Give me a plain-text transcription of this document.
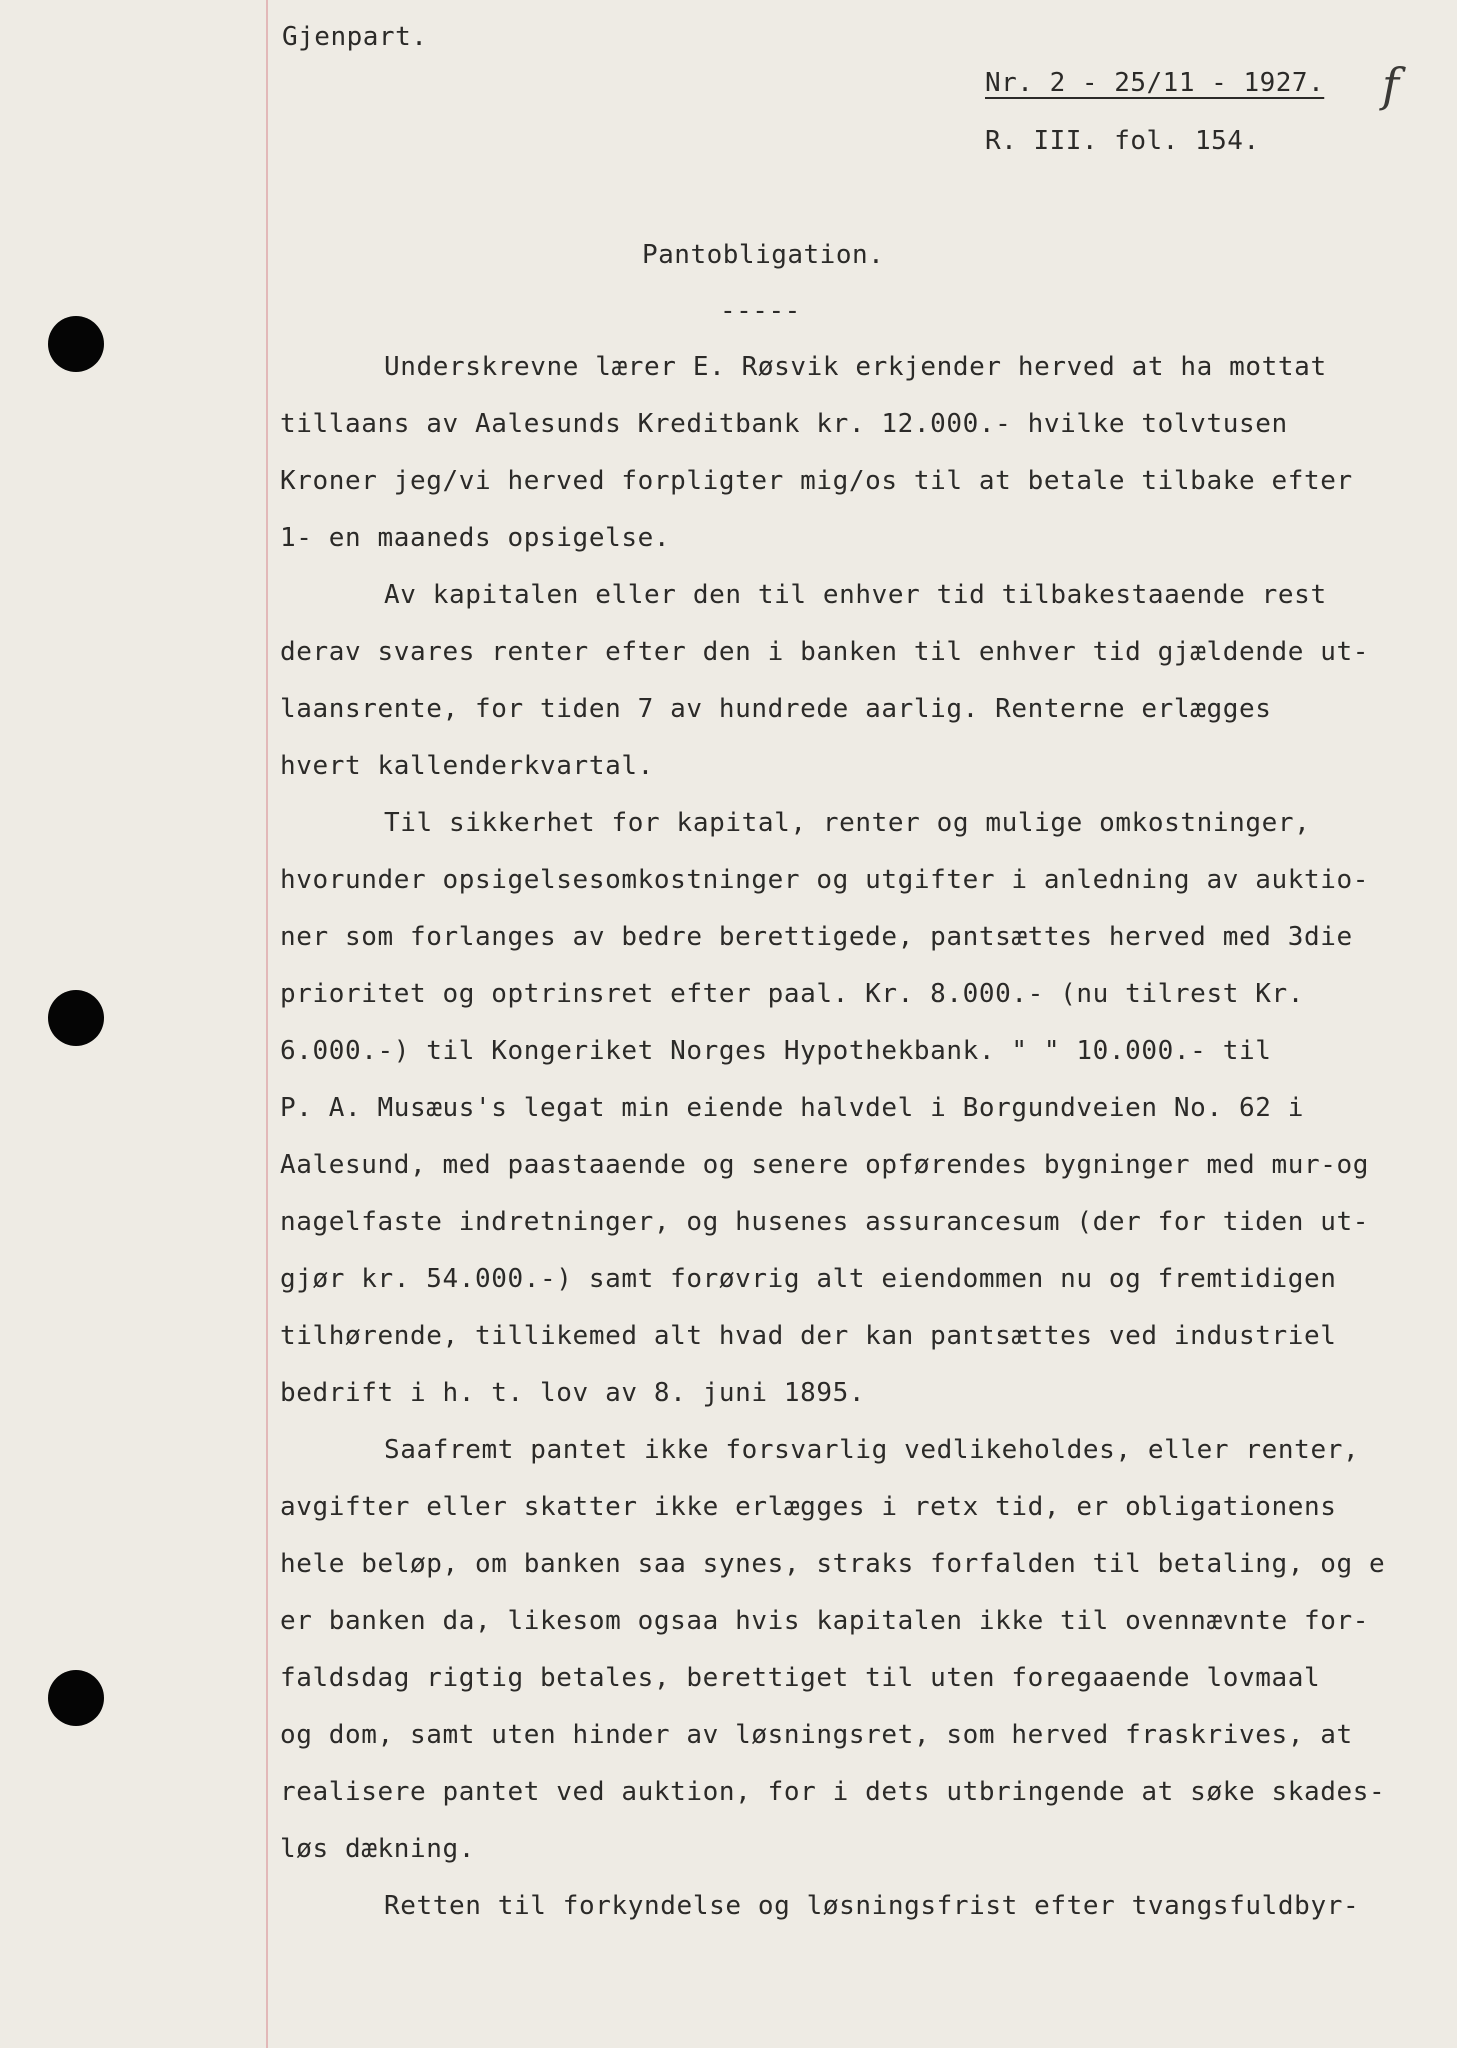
Gjenpart.
Nr. 2 - 25/11 - 1927.
R. III. fol. 154.
f
Pantobligation.
-----
Underskrevne lærer E. Røsvik erkjender herved at ha mottat
tillaans av Aalesunds Kreditbank kr. 12.000.- hvilke tolvtusen
Kroner jeg/vi herved forpligter mig/os til at betale tilbake efter
1- en maaneds opsigelse.
Av kapitalen eller den til enhver tid tilbakestaaende rest
derav svares renter efter den i banken til enhver tid gjældende ut-
laansrente, for tiden 7 av hundrede aarlig. Renterne erlægges
hvert kallenderkvartal.
Til sikkerhet for kapital, renter og mulige omkostninger,
hvorunder opsigelsesomkostninger og utgifter i anledning av auktio-
ner som forlanges av bedre berettigede, pantsættes herved med 3die
prioritet og optrinsret efter paal. Kr. 8.000.- (nu tilrest Kr.
6.000.-) til Kongeriket Norges Hypothekbank. " " 10.000.- til
P. A. Musæus's legat min eiende halvdel i Borgundveien No. 62 i
Aalesund, med paastaaende og senere opførendes bygninger med mur-og
nagelfaste indretninger, og husenes assurancesum (der for tiden ut-
gjør kr. 54.000.-) samt forøvrig alt eiendommen nu og fremtidigen
tilhørende, tillikemed alt hvad der kan pantsættes ved industriel
bedrift i h. t. lov av 8. juni 1895.
Saafremt pantet ikke forsvarlig vedlikeholdes, eller renter,
avgifter eller skatter ikke erlægges i retx tid, er obligationens
hele beløp, om banken saa synes, straks forfalden til betaling, og e
er banken da, likesom ogsaa hvis kapitalen ikke til ovennævnte for-
faldsdag rigtig betales, berettiget til uten foregaaende lovmaal
og dom, samt uten hinder av løsningsret, som herved fraskrives, at
realisere pantet ved auktion, for i dets utbringende at søke skades-
løs dækning.
Retten til forkyndelse og løsningsfrist efter tvangsfuldbyr-
